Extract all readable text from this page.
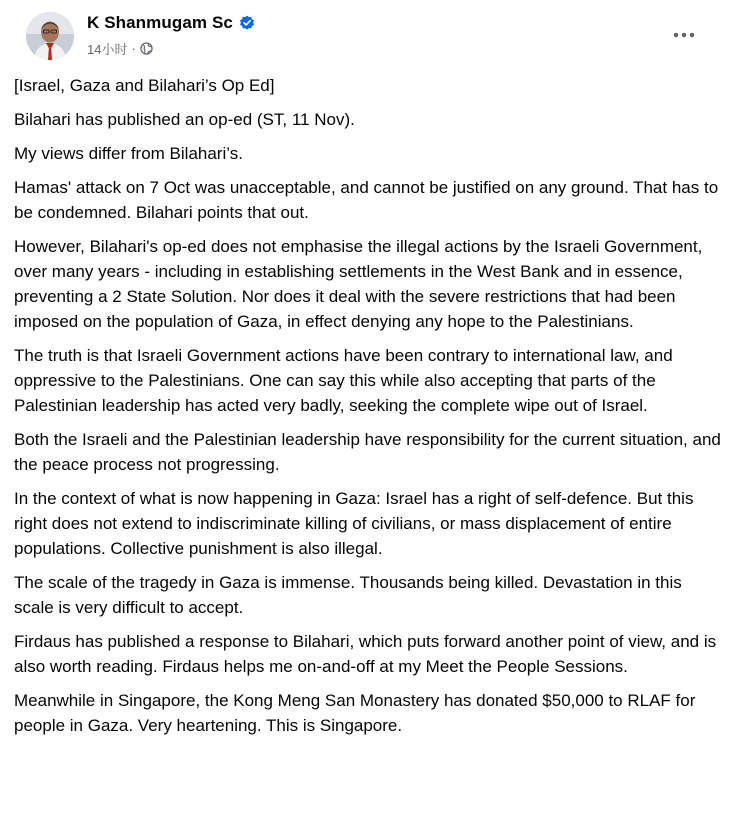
K Shanmugam Sc
14小时 ·

[Israel, Gaza and Bilahari’s Op Ed]

Bilahari has published an op-ed (ST, 11 Nov).

My views differ from Bilahari’s.

Hamas' attack on 7 Oct was unacceptable, and cannot be justified on any ground. That has to be condemned. Bilahari points that out.

However, Bilahari's op-ed does not emphasise the illegal actions by the Israeli Government, over many years - including in establishing settlements in the West Bank and in essence, preventing a 2 State Solution. Nor does it deal with the severe restrictions that had been imposed on the population of Gaza, in effect denying any hope to the Palestinians.

The truth is that Israeli Government actions have been contrary to international law, and oppressive to the Palestinians. One can say this while also accepting that parts of the Palestinian leadership has acted very badly, seeking the complete wipe out of Israel.

Both the Israeli and the Palestinian leadership have responsibility for the current situation, and the peace process not progressing.

In the context of what is now happening in Gaza: Israel has a right of self-defence. But this right does not extend to indiscriminate killing of civilians, or mass displacement of entire populations. Collective punishment is also illegal.

The scale of the tragedy in Gaza is immense. Thousands being killed. Devastation in this scale is very difficult to accept.

Firdaus has published a response to Bilahari, which puts forward another point of view, and is also worth reading. Firdaus helps me on-and-off at my Meet the People Sessions.

Meanwhile in Singapore, the Kong Meng San Monastery has donated $50,000 to RLAF for people in Gaza. Very heartening. This is Singapore.
